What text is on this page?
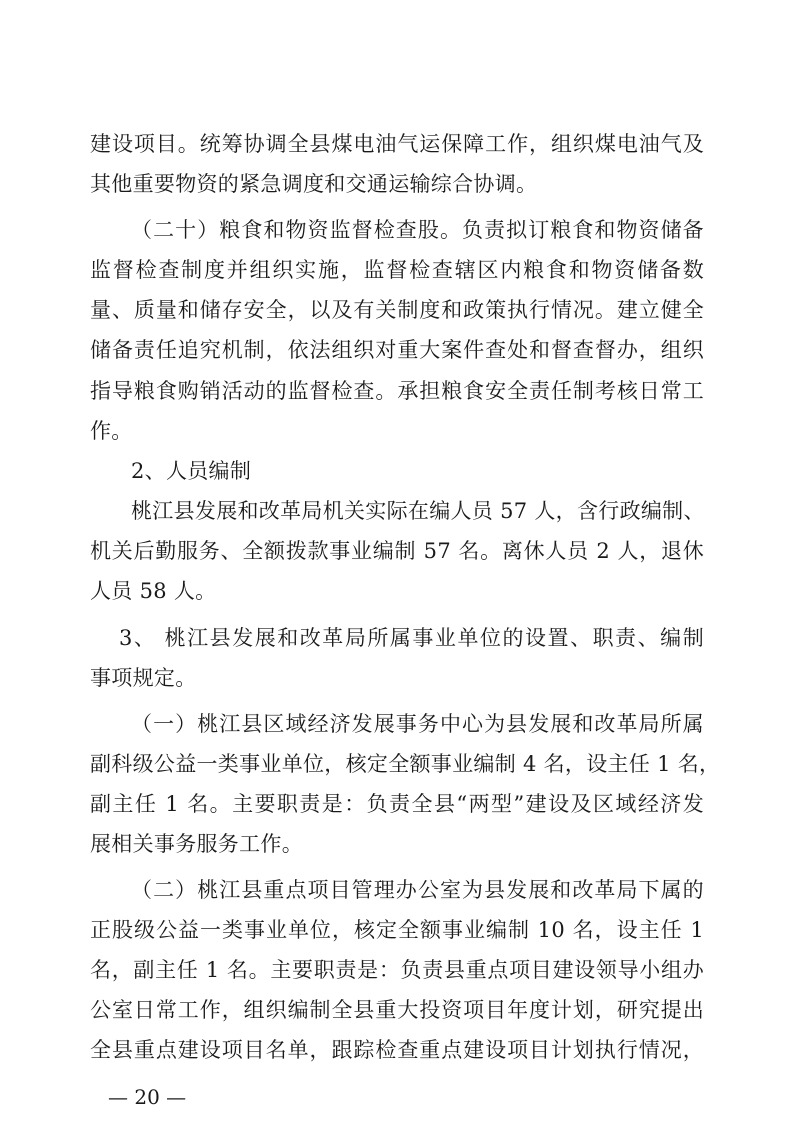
建设项目。统筹协调全县煤电油气运保障工作，组织煤电油气及
其他重要物资的紧急调度和交通运输综合协调。
（二十）粮食和物资监督检查股。负责拟订粮食和物资储备
监督检查制度并组织实施，监督检查辖区内粮食和物资储备数
量、质量和储存安全，以及有关制度和政策执行情况。建立健全
储备责任追究机制，依法组织对重大案件查处和督查督办，组织
指导粮食购销活动的监督检查。承担粮食安全责任制考核日常工
作。
2、人员编制
桃江县发展和改革局机关实际在编人员 57 人，含行政编制、
机关后勤服务、全额拨款事业编制 57 名。离休人员 2 人，退休
人员 58 人。
3、 桃江县发展和改革局所属事业单位的设置、职责、编制
事项规定。
（一）桃江县区域经济发展事务中心为县发展和改革局所属
副科级公益一类事业单位，核定全额事业编制 4 名，设主任 1 名，
副主任 1 名。主要职责是：负责全县“两型”建设及区域经济发
展相关事务服务工作。
（二）桃江县重点项目管理办公室为县发展和改革局下属的
正股级公益一类事业单位，核定全额事业编制 10 名，设主任 1
名，副主任 1 名。主要职责是：负责县重点项目建设领导小组办
公室日常工作，组织编制全县重大投资项目年度计划，研究提出
全县重点建设项目名单，跟踪检查重点建设项目计划执行情况，
— 20 —
